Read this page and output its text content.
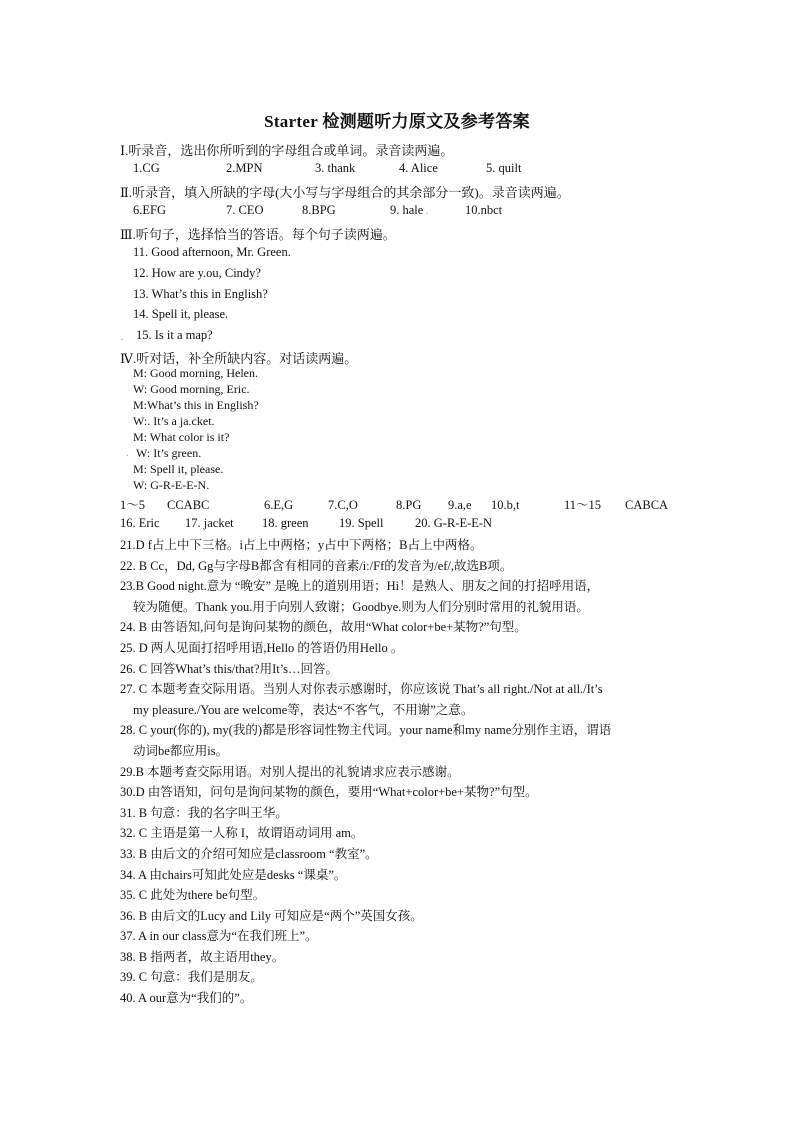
Starter 检测题听力原文及参考答案
Ⅰ.听录音，选出你所听到的字母组合或单词。录音读两遍。
1.CG	2.MPN	3. thank	4. Alice	5. quilt
Ⅱ.听录音，填入所缺的字母(大小写与字母组合的其余部分一致)。录音读两遍。
6.EFG	7. CEO	8.BPG	9. hale	10.nbct
.
Ⅲ.听句子，选择恰当的答语。每个句子读两遍。
11. Good afternoon, Mr. Green.
12. How are y.ou, Cindy?
13. What’s this in English?
14. Spell it, please.
15. Is it a map?
.
Ⅳ.听对话，补全所缺内容。对话读两遍。
M: Good morning, Helen.
W: Good morning, Eric.
M:What’s this in English?
W:. It’s a ja.cket.
M: What color is it?
W: It’s green.
.
M: Spell it, please.
W: G-R-E-E-N.
1～5 CCABC	6.E,G	7.C,O	8.PG 9.a,e 10.b,t	11～15 CABCA
16. Eric 17. jacket 18. green 19. Spell	20. G-R-E-E-N
21.D f占上中下三格。i占上中两格；y占中下两格；B占上中两格。
22. B Cc，Dd, Gg与字母B都含有相同的音素/iː/Ff的发音为/ef/,故选B项。
23.B Good night.意为 “晚安” 是晚上的道别用语；Hi！是熟人、朋友之间的打招呼用语，
较为随便。Thank you.用于向别人致谢；Goodbye.则为人们分别时常用的礼貌用语。
24. B 由答语知,问句是询问某物的颜色，故用“What color+be+某物?”句型。
25. D 两人见面打招呼用语,Hello 的答语仍用Hello 。
26. C 回答What’s this/that?用It’s…回答。
27. C 本题考查交际用语。当别人对你表示感谢时，你应该说 That’s all right./Not at all./It’s
my pleasure./You are welcome等，表达“不客气，不用谢”之意。
28. C your(你的), my(我的)都是形容词性物主代词。your name和my name分别作主语，谓语
动词be都应用is。
29.B 本题考查交际用语。对别人提出的礼貌请求应表示感谢。
30.D 由答语知，问句是询问某物的颜色，要用“What+color+be+某物?”句型。
31. B 句意：我的名字叫王华。
32. C 主语是第一人称 I，故谓语动词用 am。
33. B 由后文的介绍可知应是classroom “教室”。
34. A 由chairs可知此处应是desks “课桌”。
35. C 此处为there be句型。
36. B 由后文的Lucy and Lily 可知应是“两个”英国女孩。
37. A in our class意为“在我们班上”。
38. B 指两者，故主语用they。
39. C 句意：我们是朋友。
40. A our意为“我们的”。
